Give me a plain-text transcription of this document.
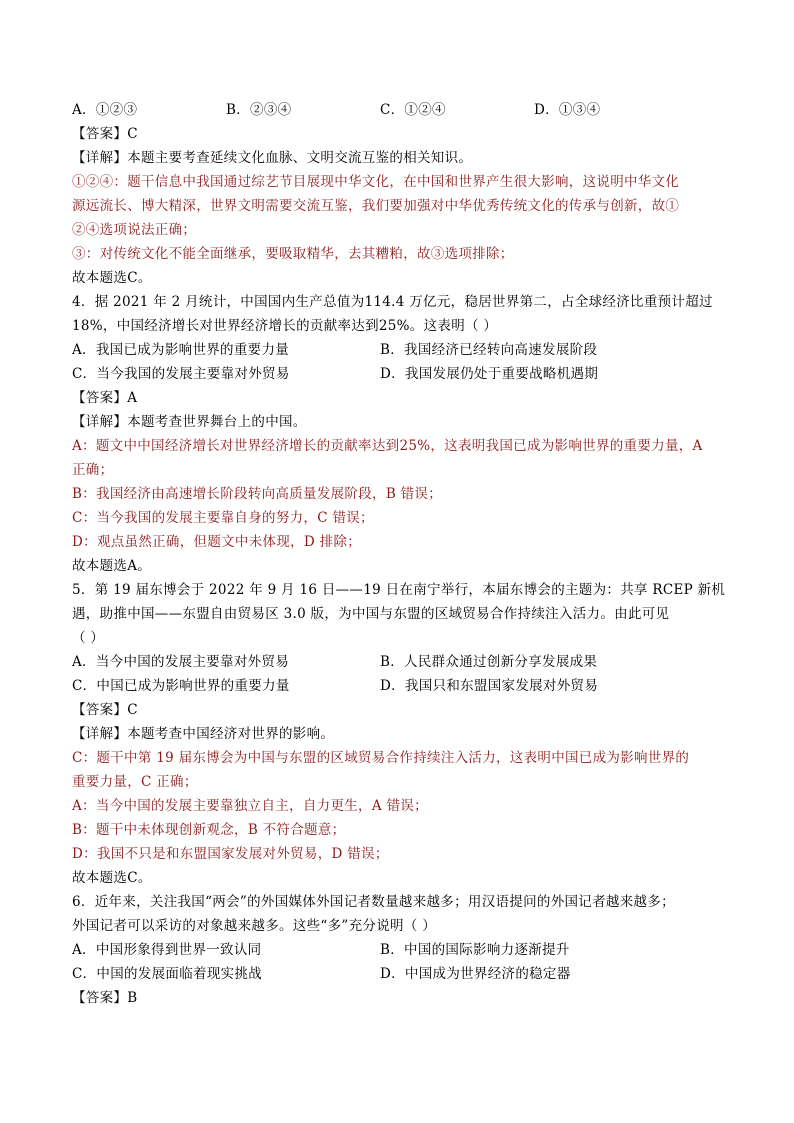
A．①②③	B．②③④	C．①②④	D．①③④
【答案】C
【详解】本题主要考查延续文化血脉、文明交流互鉴的相关知识。
①②④：题干信息中我国通过综艺节目展现中华文化，在中国和世界产生很大影响，这说明中华文化
源远流长、博大精深，世界文明需要交流互鉴，我们要加强对中华优秀传统文化的传承与创新，故①
②④选项说法正确；
③：对传统文化不能全面继承，要吸取精华，去其糟粕，故③选项排除；
故本题选C。
4．据 2021 年 2 月统计，中国国内生产总值为114.4 万亿元，稳居世界第二，占全球经济比重预计超过
18%，中国经济增长对世界经济增长的贡献率达到25%。这表明（ ）
A．我国已成为影响世界的重要力量	B．我国经济已经转向高速发展阶段
C．当今我国的发展主要靠对外贸易	D．我国发展仍处于重要战略机遇期
【答案】A
【详解】本题考查世界舞台上的中国。
A：题文中中国经济增长对世界经济增长的贡献率达到25%，这表明我国已成为影响世界的重要力量，A
正确；
B：我国经济由高速增长阶段转向高质量发展阶段，B 错误；
C：当今我国的发展主要靠自身的努力，C 错误；
D：观点虽然正确，但题文中未体现，D 排除；
故本题选A。
5．第 19 届东博会于 2022 年 9 月 16 日——19 日在南宁举行，本届东博会的主题为：共享 RCEP 新机
遇，助推中国——东盟自由贸易区 3.0 版，为中国与东盟的区域贸易合作持续注入活力。由此可见
（ ）
A．当今中国的发展主要靠对外贸易	B．人民群众通过创新分享发展成果
C．中国已成为影响世界的重要力量	D．我国只和东盟国家发展对外贸易
【答案】C
【详解】本题考查中国经济对世界的影响。
C：题干中第 19 届东博会为中国与东盟的区域贸易合作持续注入活力，这表明中国已成为影响世界的
重要力量，C 正确；
A：当今中国的发展主要靠独立自主，自力更生，A 错误；
B：题干中未体现创新观念，B 不符合题意；
D：我国不只是和东盟国家发展对外贸易，D 错误；
故本题选C。
6．近年来，关注我国“两会”的外国媒体外国记者数量越来越多；用汉语提问的外国记者越来越多；
外国记者可以采访的对象越来越多。这些“多”充分说明（ ）
A．中国形象得到世界一致认同	B．中国的国际影响力逐渐提升
C．中国的发展面临着现实挑战	D．中国成为世界经济的稳定器
【答案】B
